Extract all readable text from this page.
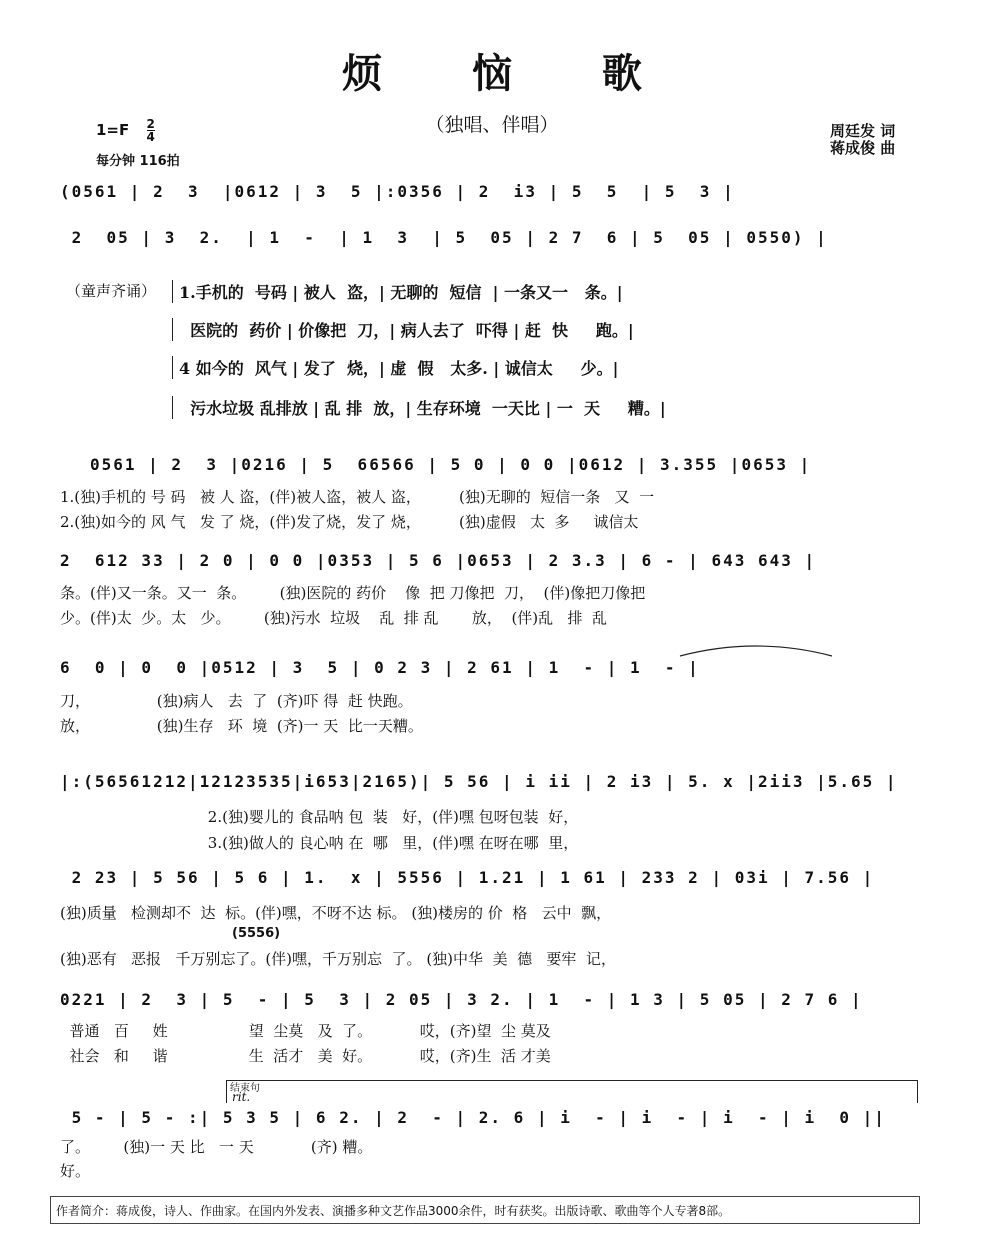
烦 恼 歌
（独唱、伴唱）
$1=F \frac{2}{4}$
每分钟 116拍
周廷发 词
蒋成俊 曲
(0561 | 2  3  |0612 | 3  5 |:0356 | 2  i3 | 5  5  | 5  3 |
2  05 | 3  2.  | 1  -  | 1  3  | 5  05 | 2 7  6 | 5  05 | 0550) |
（童声齐诵）	1.手机的  号码 | 被人  盗，| 无聊的  短信  | 一条又一   条。|
医院的  药价 | 价像把  刀，| 病人去了  吓得 | 赶  快     跑。|
4 如今的  风气 | 发了  烧，| 虚  假   太多. | 诚信太     少。|
污水垃圾 乱排放 | 乱 排  放，| 生存环境  一天比 | 一  天     糟。|
0561 | 2  3 |0216 | 5  66566 | 5 0 | 0 0 |0612 | 3.355 |0653 |
1.(独)手机的 号 码   被 人 盗，(伴)被人盗，被人 盗，        (独)无聊的  短信一条   又  一
2.(独)如今的 风 气   发 了 烧，(伴)发了烧，发了 烧，        (独)虚假   太  多     诚信太
2  612 33 | 2 0 | 0 0 |0353 | 5 6 |0653 | 2 3.3 | 6 - | 643 643 |
条。(伴)又一条。又一  条。       (独)医院的 药价    像  把 刀像把  刀，  (伴)像把刀像把
少。(伴)太  少。太   少。       (独)污水  垃圾    乱  排 乱       放，  (伴)乱   排  乱
6  0 | 0  0 |0512 | 3  5 | 0 2 3 | 2 61 | 1  - | 1  - |
刀，              (独)病人   去  了  (齐)吓 得  赶 快跑。
放，              (独)生存   环  境  (齐)一 天  比一天糟。
|:(56561212|12123535|i653|2165)| 5 56 | i ii | 2 i3 | 5. x |2ii3 |5.65 |
2.(独)婴儿的 食品呐 包  装   好，(伴)嘿 包呀包装  好，
3.(独)做人的 良心呐 在  哪   里，(伴)嘿 在呀在哪  里，
2 23 | 5 56 | 5 6 | 1.  x | 5556 | 1.21 | 1 61 | 233 2 | 03i | 7.56 |
(独)质量   检测却不  达  标。(伴)嘿，不呀不达 标。 (独)楼房的 价  格   云中  飘，
(5556)
(独)恶有   恶报   千万别忘了。(伴)嘿，千万别忘  了。 (独)中华  美  德   要牢  记，
0221 | 2  3 | 5  - | 5  3 | 2 05 | 3 2. | 1  - | 1 3 | 5 05 | 2 7 6 |
普通   百     姓                 望  尘莫   及  了。          哎，(齐)望  尘 莫及
社会   和     谐                 生  活才   美  好。          哎，(齐)生  活 才美
结束句
rit.
5 - | 5 - :| 5 3 5 | 6 2. | 2  - | 2. 6 | i  - | i  - | i  - | i  0 ||
了。       (独)一 天 比   一 天            (齐) 糟。
好。
作者简介：蒋成俊，诗人、作曲家。在国内外发表、演播多种文艺作品3000余件，时有获奖。出版诗歌、歌曲等个人专著8部。
